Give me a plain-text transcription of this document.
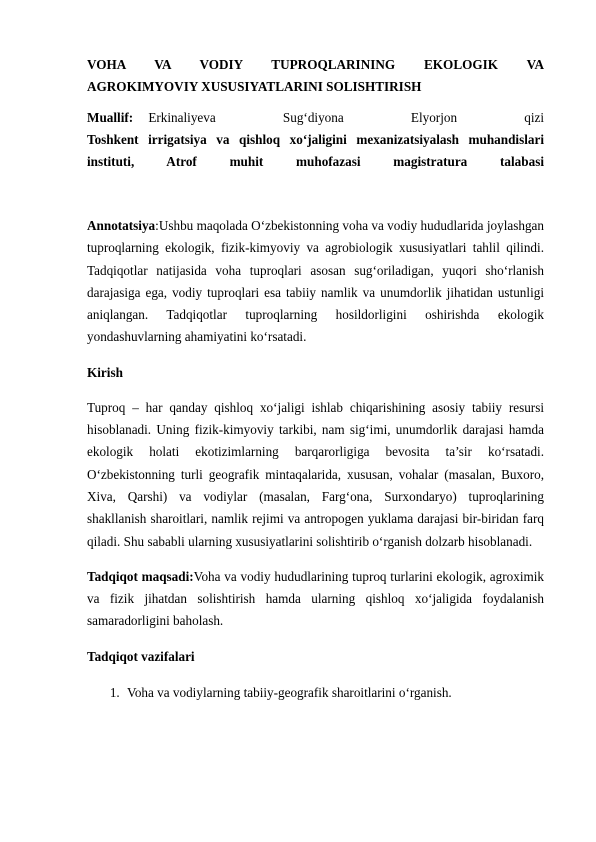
VOHA VA VODIY TUPROQLARINING EKOLOGIK VA

AGROKIMYOVIY XUSUSIYATLARINI SOLISHTIRISH

Muallif: Erkinaliyeva Sug‘diyona Elyorjon qizi

Toshkent irrigatsiya va qishloq xo‘jaligini mexanizatsiyalash muhandislari

instituti, Atrof muhit muhofazasi magistratura talabasi

Annotatsiya:Ushbu maqolada O‘zbekistonning voha va vodiy hududlarida joylashgan tuproqlarning ekologik, fizik-kimyoviy va agrobiologik xususiyatlari tahlil qilindi. Tadqiqotlar natijasida voha tuproqlari asosan sug‘oriladigan, yuqori sho‘rlanish darajasiga ega, vodiy tuproqlari esa tabiiy namlik va unumdorlik jihatidan ustunligi aniqlangan. Tadqiqotlar tuproqlarning hosildorligini oshirishda ekologik yondashuvlarning ahamiyatini ko‘rsatadi.

Kirish

Tuproq – har qanday qishloq xo‘jaligi ishlab chiqarishining asosiy tabiiy resursi hisoblanadi. Uning fizik-kimyoviy tarkibi, nam sig‘imi, unumdorlik darajasi hamda ekologik holati ekotizimlarning barqarorligiga bevosita ta’sir ko‘rsatadi. O‘zbekistonning turli geografik mintaqalarida, xususan, vohalar (masalan, Buxoro, Xiva, Qarshi) va vodiylar (masalan, Farg‘ona, Surxondaryo) tuproqlarining shakllanish sharoitlari, namlik rejimi va antropogen yuklama darajasi bir-biridan farq qiladi. Shu sababli ularning xususiyatlarini solishtirib o‘rganish dolzarb hisoblanadi.

Tadqiqot maqsadi:Voha va vodiy hududlarining tuproq turlarini ekologik, agroximik va fizik jihatdan solishtirish hamda ularning qishloq xo‘jaligida foydalanish samaradorligini baholash.

Tadqiqot vazifalari

1. Voha va vodiylarning tabiiy-geografik sharoitlarini o‘rganish.
